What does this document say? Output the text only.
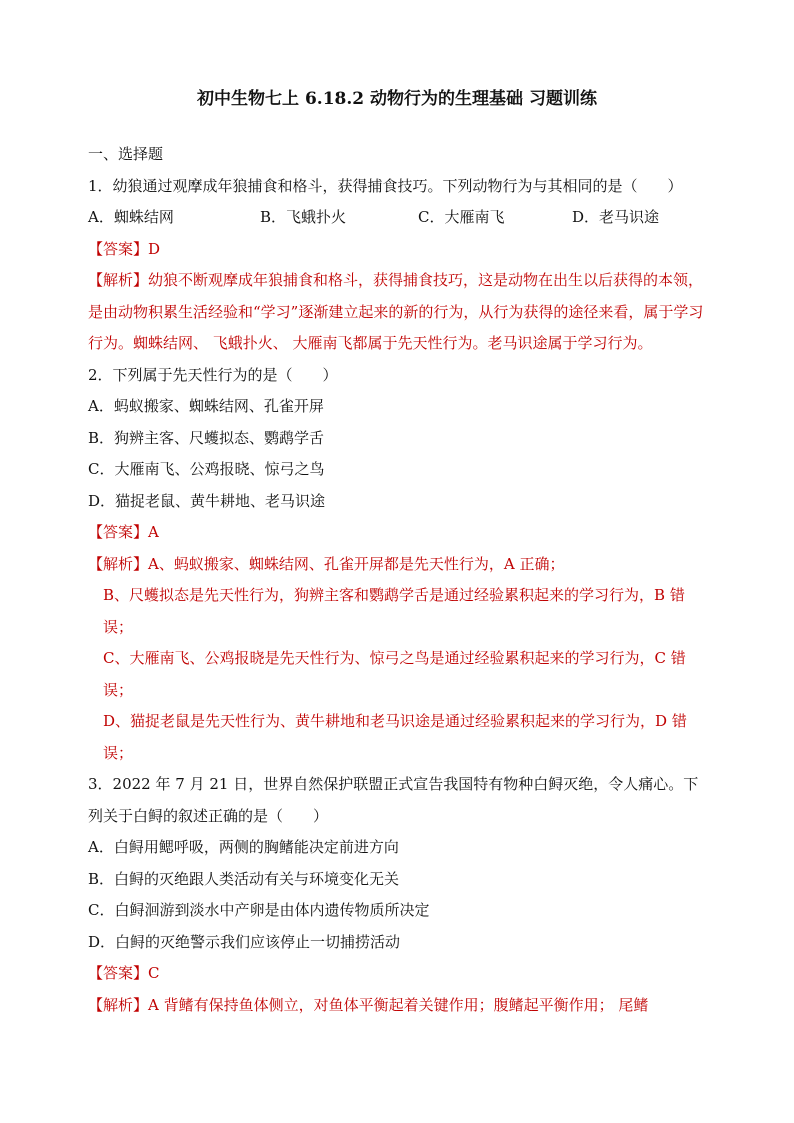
初中生物七上 6.18.2 动物行为的生理基础 习题训练
一、选择题
1．幼狼通过观摩成年狼捕食和格斗，获得捕食技巧。下列动物行为与其相同的是（　　）
A．蜘蛛结网	B．飞蛾扑火	C．大雁南飞	D．老马识途
【答案】D
【解析】幼狼不断观摩成年狼捕食和格斗，获得捕食技巧，这是动物在出生以后获得的本领，是由动物积累生活经验和“学习”逐渐建立起来的新的行为，从行为获得的途径来看，属于学习行为。蜘蛛结网、 飞蛾扑火、 大雁南飞都属于先天性行为。老马识途属于学习行为。
2．下列属于先天性行为的是（　　）
A．蚂蚁搬家、蜘蛛结网、孔雀开屏
B．狗辨主客、尺蠖拟态、鹦鹉学舌
C．大雁南飞、公鸡报晓、惊弓之鸟
D．猫捉老鼠、黄牛耕地、老马识途
【答案】A
【解析】A、蚂蚁搬家、蜘蛛结网、孔雀开屏都是先天性行为，A 正确；
B、尺蠖拟态是先天性行为，狗辨主客和鹦鹉学舌是通过经验累积起来的学习行为，B 错误；
C、大雁南飞、公鸡报晓是先天性行为、惊弓之鸟是通过经验累积起来的学习行为，C 错误；
D、猫捉老鼠是先天性行为、黄牛耕地和老马识途是通过经验累积起来的学习行为，D 错误；
3．2022 年 7 月 21 日，世界自然保护联盟正式宣告我国特有物种白鲟灭绝，令人痛心。下列关于白鲟的叙述正确的是（　　）
A．白鲟用鳃呼吸，两侧的胸鳍能决定前进方向
B．白鲟的灭绝跟人类活动有关与环境变化无关
C．白鲟洄游到淡水中产卵是由体内遗传物质所决定
D．白鲟的灭绝警示我们应该停止一切捕捞活动
【答案】C
【解析】A 背鳍有保持鱼体侧立，对鱼体平衡起着关键作用；腹鳍起平衡作用； 尾鳍
